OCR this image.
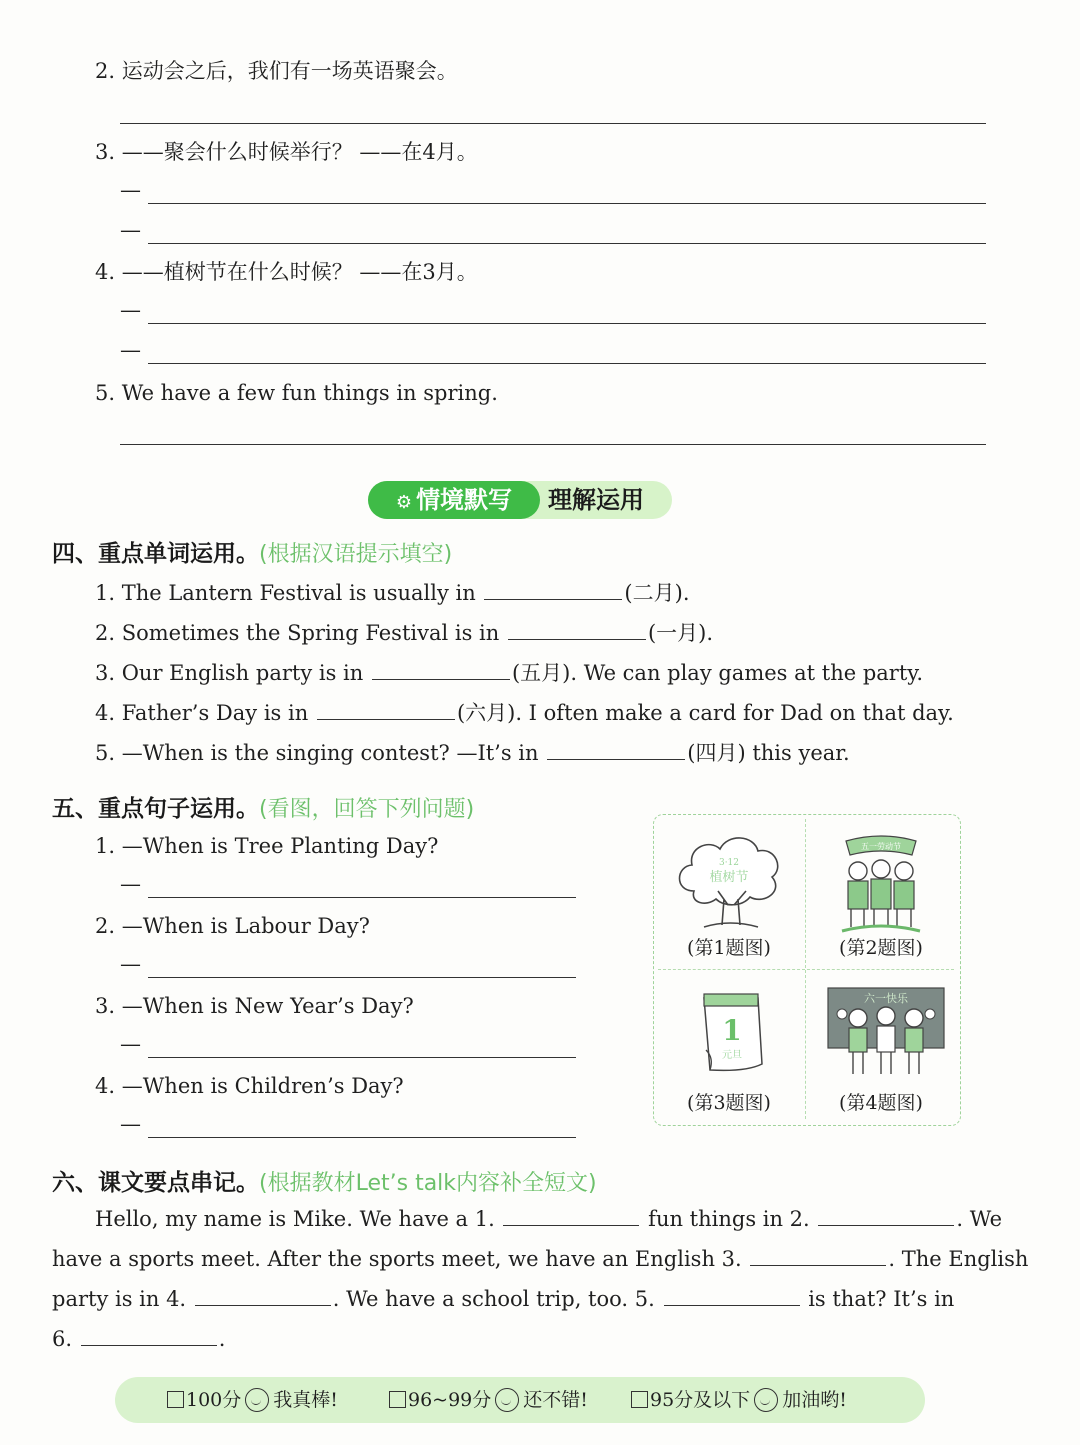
2. 运动会之后，我们有一场英语聚会。
3. ——聚会什么时候举行？ ——在4月。
—
—
4. ——植树节在什么时候？ ——在3月。
—
—
5. We have a few fun things in spring.
⚙ 情境默写	理解运用
四、重点单词运用。(根据汉语提示填空)
1. The Lantern Festival is usually in	(二月).
2. Sometimes the Spring Festival is in	(一月).
3. Our English party is in	(五月). We can play games at the party.
4. Father’s Day is in	(六月). I often make a card for Dad on that day.
5. —When is the singing contest? —It’s in	(四月) this year.
五、重点句子运用。(看图，回答下列问题)
1. —When is Tree Planting Day?
—
2. —When is Labour Day?
—
3. —When is New Year’s Day?
—
4. —When is Children’s Day?
—
3·12
植树节
(第1题图)
五一劳动节
(第2题图)
1
元旦
(第3题图)
六一快乐
(第4题图)
六、课文要点串记。(根据教材Let’s talk内容补全短文)
Hello, my name is Mike. We have a 1.	fun things in 2.	. We
have a sports meet. After the sports meet, we have an English 3.	. The English
party is in 4.	. We have a school trip, too. 5.	is that? It’s in
6.	.
100分 我真棒!	96~99分 还不错!	95分及以下 加油哟!
